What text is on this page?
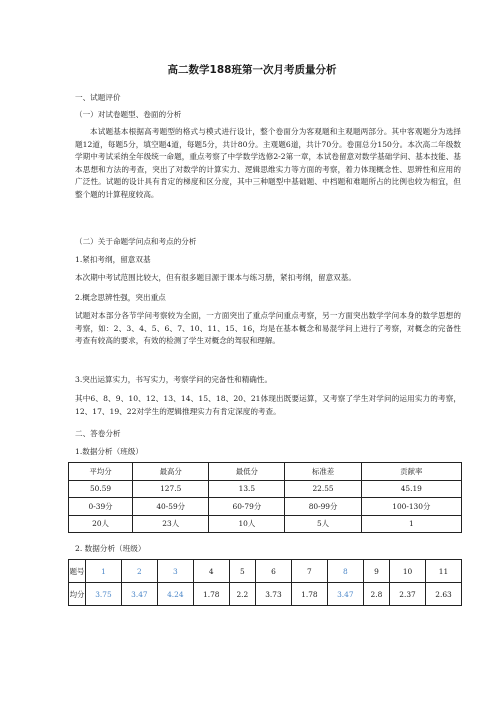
高二数学188班第一次月考质量分析
一、试题评价
（一）对试卷题型、卷面的分析
本试题基本根据高考题型的格式与模式进行设计，整个卷面分为客观题和主观题两部分。其中客观题分为选择题12道，每题5分，填空题4道，每题5分，共计80分。主观题6道，共计70分。卷面总分150分。本次高二年级数学期中考试采纳全年级统一命题，重点考察了中学数学选修2-2第一章，本试卷留意对数学基础学问、基本技能、基本思想和方法的考查，突出了对数学的计算实力、逻辑思维实力等方面的考察，着力体现概念性、思辨性和应用的广泛性。试题的设计具有肯定的梯度和区分度，其中三种题型中基础题、中档题和难题所占的比例也较为相宜，但整个题的计算程度较高。
（二）关于命题学问点和考点的分析
1.紧扣考纲，留意双基
本次期中考试范围比较大，但有很多题目源于课本与练习册，紧扣考纲，留意双基。
2.概念思辨性强，突出重点
试题对本部分各节学问考察较为全面，一方面突出了重点学问重点考察，另一方面突出数学学问本身的数学思想的考察，如：2、3、4、5、6、7、10、11、15、16，均是在基本概念和易混学问上进行了考察，对概念的完备性考查有较高的要求，有效的检测了学生对概念的驾驭和理解。
3.突出运算实力，书写实力，考察学问的完备性和精确性。
其中6、8、9、10、12、13、14、15、18、20、21体现出既要运算，又考察了学生对学问的运用实力的考察，12、17、19、22对学生的逻辑推理实力有肯定深度的考查。
二、答卷分析
1.数据分析（班级）
平均分	最高分	最低分	标准差	贡献率
50.59	127.5	13.5	22.55	45.19
0-39分	40-59分	60-79分	80-99分	100-130分
20人	23人	10人	5人	1
2. 数据分析（班级）
题号	1	2	3	4	5	6	7	8	9	10	11
均分	3.75	3.47	4.24	1.78	2.2	3.73	1.78	3.47	2.8	2.37	2.63
